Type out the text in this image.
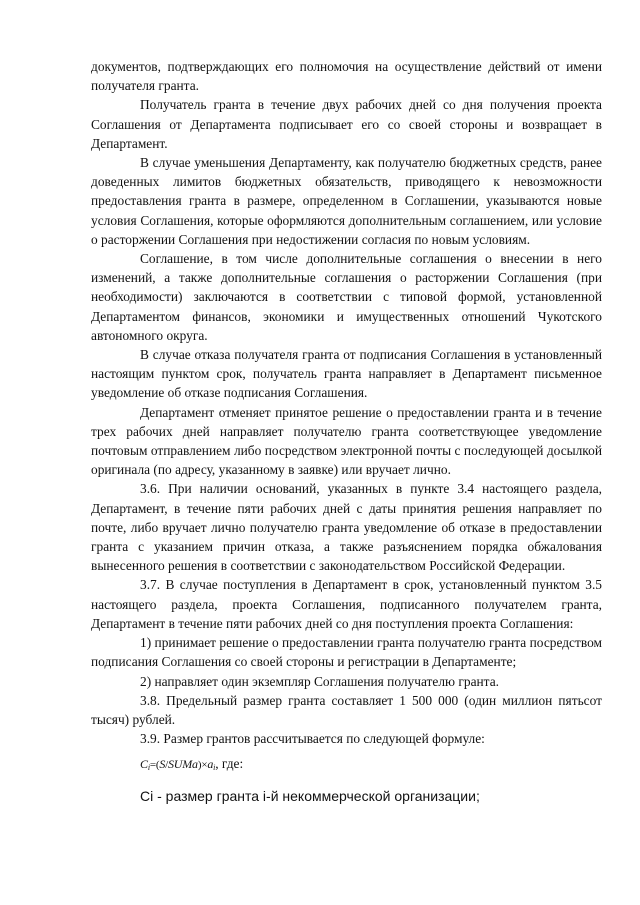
документов, подтверждающих его полномочия на осуществление действий от имени получателя гранта.

Получатель гранта в течение двух рабочих дней со дня получения проекта Соглашения от Департамента подписывает его со своей стороны и возвращает в Департамент.

В случае уменьшения Департаменту, как получателю бюджетных средств, ранее доведенных лимитов бюджетных обязательств, приводящего к невозможности предоставления гранта в размере, определенном в Соглашении, указываются новые условия Соглашения, которые оформляются дополнительным соглашением, или условие о расторжении Соглашения при недостижении согласия по новым условиям.

Соглашение, в том числе дополнительные соглашения о внесении в него изменений, а также дополнительные соглашения о расторжении Соглашения (при необходимости) заключаются в соответствии с типовой формой, установленной Департаментом финансов, экономики и имущественных отношений Чукотского автономного округа.

В случае отказа получателя гранта от подписания Соглашения в установленный настоящим пунктом срок, получатель гранта направляет в Департамент письменное уведомление об отказе подписания Соглашения.

Департамент отменяет принятое решение о предоставлении гранта и в течение трех рабочих дней направляет получателю гранта соответствующее уведомление почтовым отправлением либо посредством электронной почты с последующей досылкой оригинала (по адресу, указанному в заявке) или вручает лично.

3.6. При наличии оснований, указанных в пункте 3.4 настоящего раздела, Департамент, в течение пяти рабочих дней с даты принятия решения направляет по почте, либо вручает лично получателю гранта уведомление об отказе в предоставлении гранта с указанием причин отказа, а также разъяснением порядка обжалования вынесенного решения в соответствии с законодательством Российской Федерации.

3.7. В случае поступления в Департамент в срок, установленный пунктом 3.5 настоящего раздела, проекта Соглашения, подписанного получателем гранта, Департамент в течение пяти рабочих дней со дня поступления проекта Соглашения:

1) принимает решение о предоставлении гранта получателю гранта посредством подписания Соглашения со своей стороны и регистрации в Департаменте;

2) направляет один экземпляр Соглашения получателю гранта.

3.8. Предельный размер гранта составляет 1 500 000 (один миллион пятьсот тысяч) рублей.

3.9. Размер грантов рассчитывается по следующей формуле:

$C_i=(S/SUMa)\times a_i$, где:
Ci - размер гранта i-й некоммерческой организации;
